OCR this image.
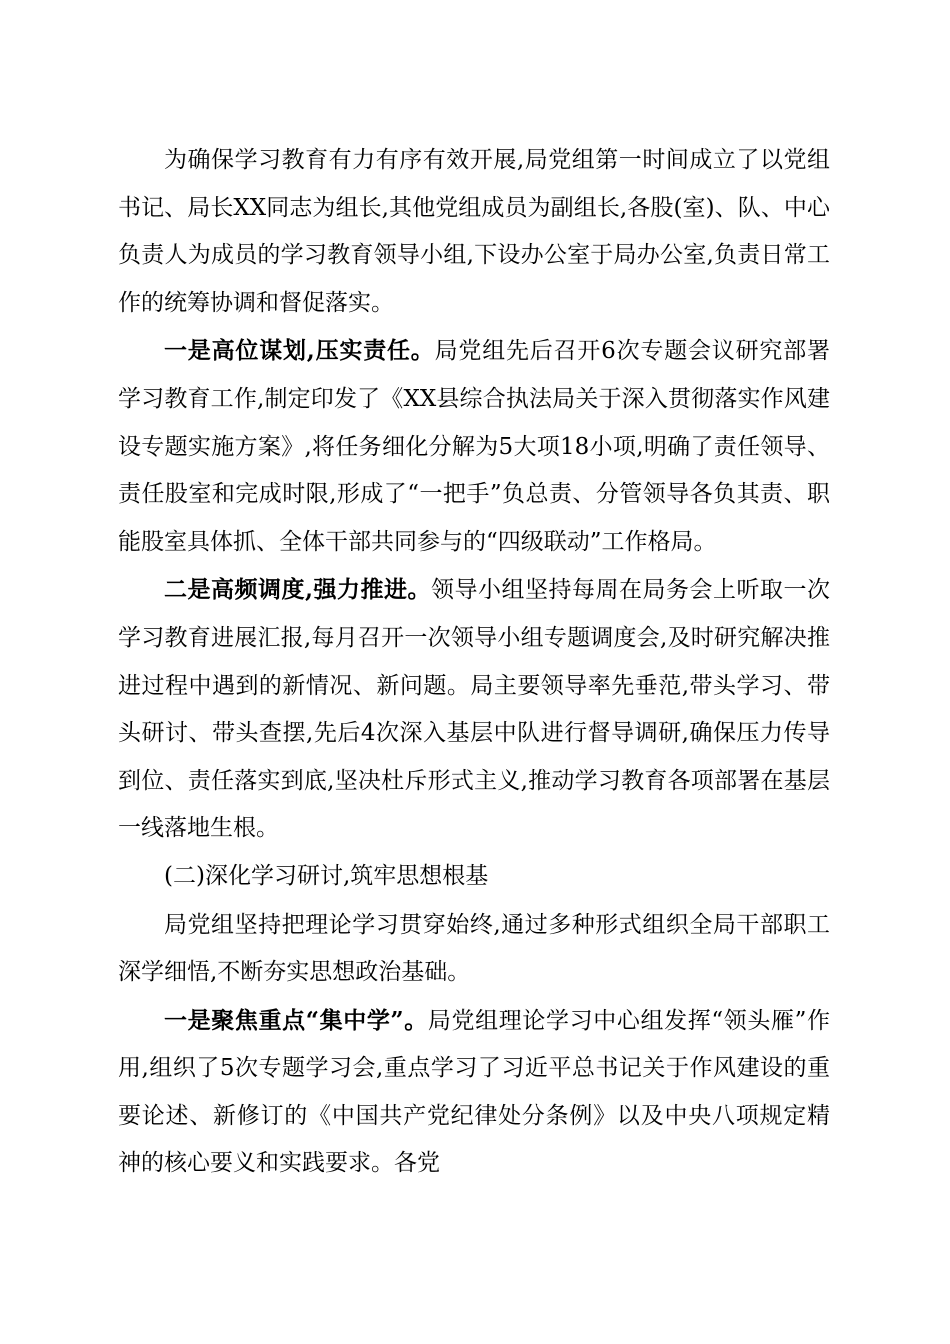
为确保学习教育有力有序有效开展,局党组第一时间成立了以党组书记、局长XX同志为组长,其他党组成员为副组长,各股(室)、队、中心负责人为成员的学习教育领导小组,下设办公室于局办公室,负责日常工作的统筹协调和督促落实。

一是高位谋划,压实责任。局党组先后召开6次专题会议研究部署学习教育工作,制定印发了《XX县综合执法局关于深入贯彻落实作风建设专题实施方案》,将任务细化分解为5大项18小项,明确了责任领导、责任股室和完成时限,形成了“一把手”负总责、分管领导各负其责、职能股室具体抓、全体干部共同参与的“四级联动”工作格局。

二是高频调度,强力推进。领导小组坚持每周在局务会上听取一次学习教育进展汇报,每月召开一次领导小组专题调度会,及时研究解决推进过程中遇到的新情况、新问题。局主要领导率先垂范,带头学习、带头研讨、带头查摆,先后4次深入基层中队进行督导调研,确保压力传导到位、责任落实到底,坚决杜斥形式主义,推动学习教育各项部署在基层一线落地生根。

(二)深化学习研讨,筑牢思想根基

局党组坚持把理论学习贯穿始终,通过多种形式组织全局干部职工深学细悟,不断夯实思想政治基础。

一是聚焦重点“集中学”。局党组理论学习中心组发挥“领头雁”作用,组织了5次专题学习会,重点学习了习近平总书记关于作风建设的重要论述、新修订的《中国共产党纪律处分条例》以及中央八项规定精神的核心要义和实践要求。各党
